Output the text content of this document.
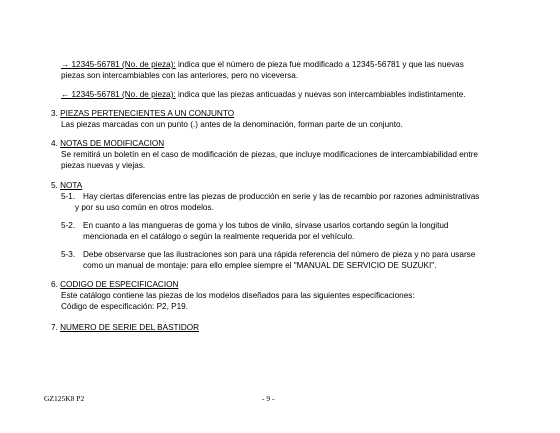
→ 12345-56781 (No. de pieza): indica que el número de pieza fue modificado a 12345-56781 y que las nuevas
piezas son intercambiables con las anteriores, pero no viceversa.
← 12345-56781 (No. de pieza): indica que las piezas anticuadas y nuevas son intercambiables indistintamente.
3. PIEZAS PERTENECIENTES A UN CONJUNTO
Las piezas marcadas con un punto (.) antes de la denominación, forman parte de un conjunto.
4. NOTAS DE MODIFICACION
Se remitirá un boletín en el caso de modificación de piezas, que incluye modificaciones de intercambiabilidad entre
piezas nuevas y viejas.
5. NOTA
5-1. Hay ciertas diferencias entre las piezas de producción en serie y las de recambio por razones administrativas
y por su uso común en otros modelos.
5-2. En cuanto a las mangueras de goma y los tubos de vinilo, sírvase usarlos cortando según la longitud
mencionada en el catálogo o según la realmente requerida por el vehículo.
5-3. Debe observarse que las ilustraciones son para una rápida referencia del número de pieza y no para usarse
como un manual de montaje: para ello emplee siempre el "MANUAL DE SERVICIO DE SUZUKI".
6. CODIGO DE ESPECIFICACION
Este catálogo contiene las piezas de los modelos diseñados para las siguientes especificaciones:
Código de especificación: P2, P19.
7. NUMERO DE SERIE DEL BASTIDOR
GZ125K8 P2	- 9 -
